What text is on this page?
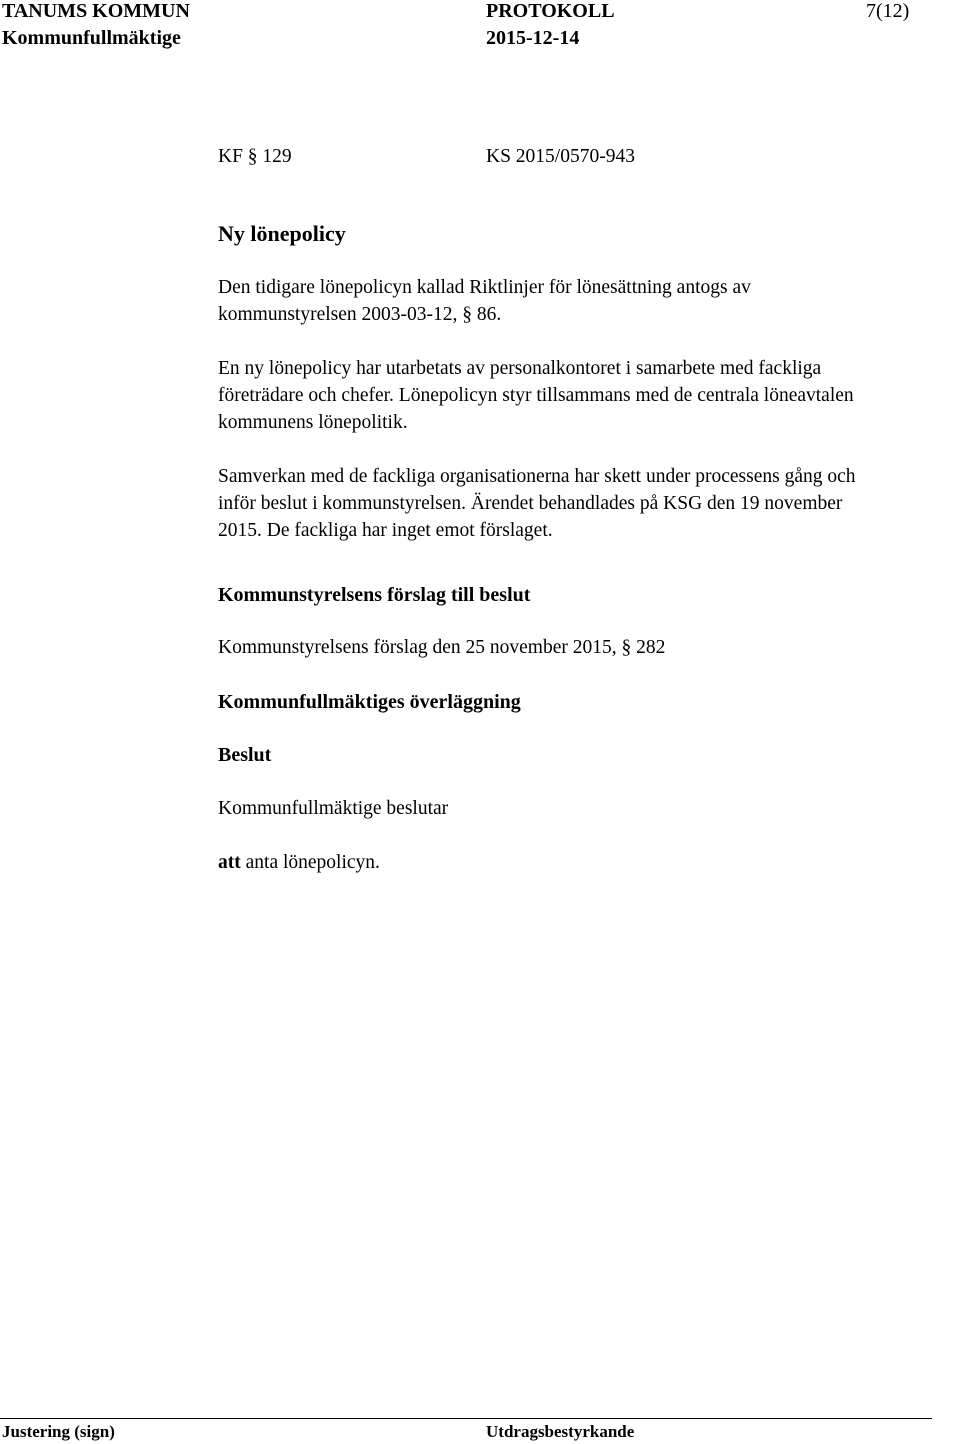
TANUMS KOMMUN	PROTOKOLL	7(12)
Kommunfullmäktige	2015-12-14
KF § 129	KS 2015/0570-943
Ny lönepolicy
Den tidigare lönepolicyn kallad Riktlinjer för lönesättning antogs av
kommunstyrelsen 2003-03-12, § 86.
En ny lönepolicy har utarbetats av personalkontoret i samarbete med fackliga
företrädare och chefer. Lönepolicyn styr tillsammans med de centrala löneavtalen
kommunens lönepolitik.
Samverkan med de fackliga organisationerna har skett under processens gång och
inför beslut i kommunstyrelsen. Ärendet behandlades på KSG den 19 november
2015. De fackliga har inget emot förslaget.
Kommunstyrelsens förslag till beslut
Kommunstyrelsens förslag den 25 november 2015, § 282
Kommunfullmäktiges överläggning
Beslut
Kommunfullmäktige beslutar
att anta lönepolicyn.
Justering (sign)	Utdragsbestyrkande
